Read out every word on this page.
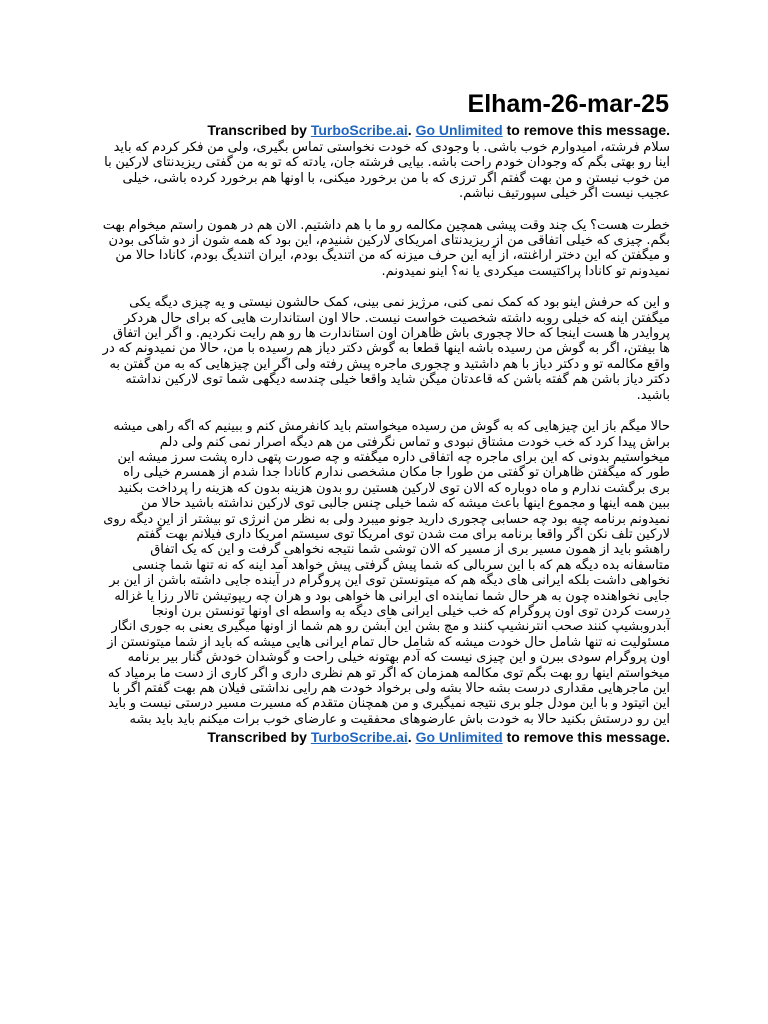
Elham-26-mar-25

Transcribed by TurboScribe.ai. Go Unlimited to remove this message.

سلام فرشته، امیدوارم خوب باشی. با وجودی که خودت نخواستی تماس بگیری، ولی من فکر کردم که باید اینا رو بهتی بگم که وجودان خودم راحت باشه. بیایی فرشته جان، یادته که تو به من گفتی ریزیدنتای لارکین با من خوب نیستن و من بهت گفتم اگر ترزی که با من برخورد میکنی، با اونها هم برخورد کرده باشی، خیلی عجیب نیست اگر خیلی سپورتیف نباشم.

خطرت هست؟ یک چند وقت پیشی همچین مکالمه رو ما با هم داشتیم. الان هم در همون راستم میخوام بهت بگم. چیزی که خیلی اتفاقی من از ریزیدنتای امریکای لارکین شنیدم، این بود که همه شون از دو شاکی بودن و میگفتن که این دختر اراغنته، از آیه این حرف میزنه که من اتندیگ بودم، ایران اتندیگ بودم، کانادا حالا من نمیدونم تو کانادا پراکتیست میکردی یا نه؟ اینو نمیدونم.

و این که حرفش اینو بود که کمک نمی کنی، مرژیز نمی بینی، کمک حالشون نیستی و یه چیزی دیگه یکی میگفتن اینه که خیلی روبه داشته شخصیت خواست نیست. حالا اون استاندارت هایی که برای حال هردکر پروایدر ها هست اینجا که حالا چجوری باش ظاهران اون استاندارت ها رو هم رایت نکردیم. و اگر این اتفاق ها بیفتن، اگر به گوش من رسیده باشه اینها قطعا به گوش دکتر دیاز هم رسیده با من، حالا من نمیدونم که در واقع مکالمه تو و دکتر دیاز با هم داشتید و چجوری ماجره پیش رفته ولی اگر این چیزهایی که به من گفتن به دکتر دیاز باشن هم گفته باشن که قاعدتان میگن شاید واقعا خیلی چندسه دیگهی شما توی لارکین نداشته باشید.

حالا میگم باز این چیزهایی که به گوش من رسیده میخواستم باید کانفرمش کنم و ببینیم که اگه راهی میشه براش پیدا کرد که خب خودت مشتاق نبودی و تماس نگرفتی من هم دیگه اصرار نمی کنم ولی دلم میخواستیم بدونی که این برای ماجره چه اتفاقی داره میگفته و چه صورت پتهی داره پشت سرز میشه این طور که میگفتن ظاهران تو گفتی من طورا جا مکان مشخصی ندارم کانادا جدا شدم از همسرم خیلی راه بری برگشت ندارم و ماه دوباره که الان توی لارکین هستین رو بدون هزینه بدون که هزینه را پرداخت بکنید ببین همه اینها و مجموع اینها باعث میشه که شما خیلی چنس جالبی توی لارکین نداشته باشید حالا من نمیدونم برنامه چیه بود چه حسابی چجوری دارید جونو میبرد ولی به نظر من انرژی تو بیشتر از این دیگه روی لارکین تلف نکن اگر واقعا برنامه برای مت شدن توی امریکا توی سیستم امریکا داری فیلانم بهت گفتم راهشو باید از همون مسیر بری از مسیر که الان توشی شما نتیجه نخواهی گرفت و این که یک اتفاق متاسفانه بده دیگه هم که با این سربالی که شما پیش گرفتی پیش خواهد آمد اینه که نه تنها شما چنسی نخواهی داشت بلکه ایرانی های دیگه هم که میتونستن توی این پروگرام در آینده جایی داشته باشن از این بر جایی نخواهنده چون به هر حال شما نماینده ای ایرانی ها خواهی بود و هران چه ریپوتیشن تالار رزا یا غزاله درست کردن توی اون پروگرام که خب خیلی ایرانی های دیگه به واسطه ای اونها تونستن برن اونجا آبدروبشیپ کنند صحب انترنشیپ کنند و مچ بشن این آبشن رو هم شما از اونها میگیری یعنی به جوری انگار مسئولیت نه تنها شامل حال خودت میشه که شامل حال تمام ایرانی هایی میشه که باید از شما میتونستن از اون پروگرام سودی ببرن و این چیزی نیست که آدم بهتونه خیلی راحت و گوشدان خودش گنار بیر برنامه میخواستم اینها رو بهت بگم توی مکالمه همزمان که اگر تو هم نظری داری و اگر کاری از دست ما برمیاد که این ماجرهایی مقداری درست بشه حالا بشه ولی برخواد خودت هم رایی نداشتی فیلان هم بهت گفتم اگر با این اتیتود و با این مودل جلو بری نتیجه نمیگیری و من همچنان متقدم که مسیرت مسیر درستی نیست و باید این رو درستش بکنید حالا به خودت باش عارضوهای محفقیت و عارضای خوب برات میکنم باید باید بشه

Transcribed by TurboScribe.ai. Go Unlimited to remove this message.
